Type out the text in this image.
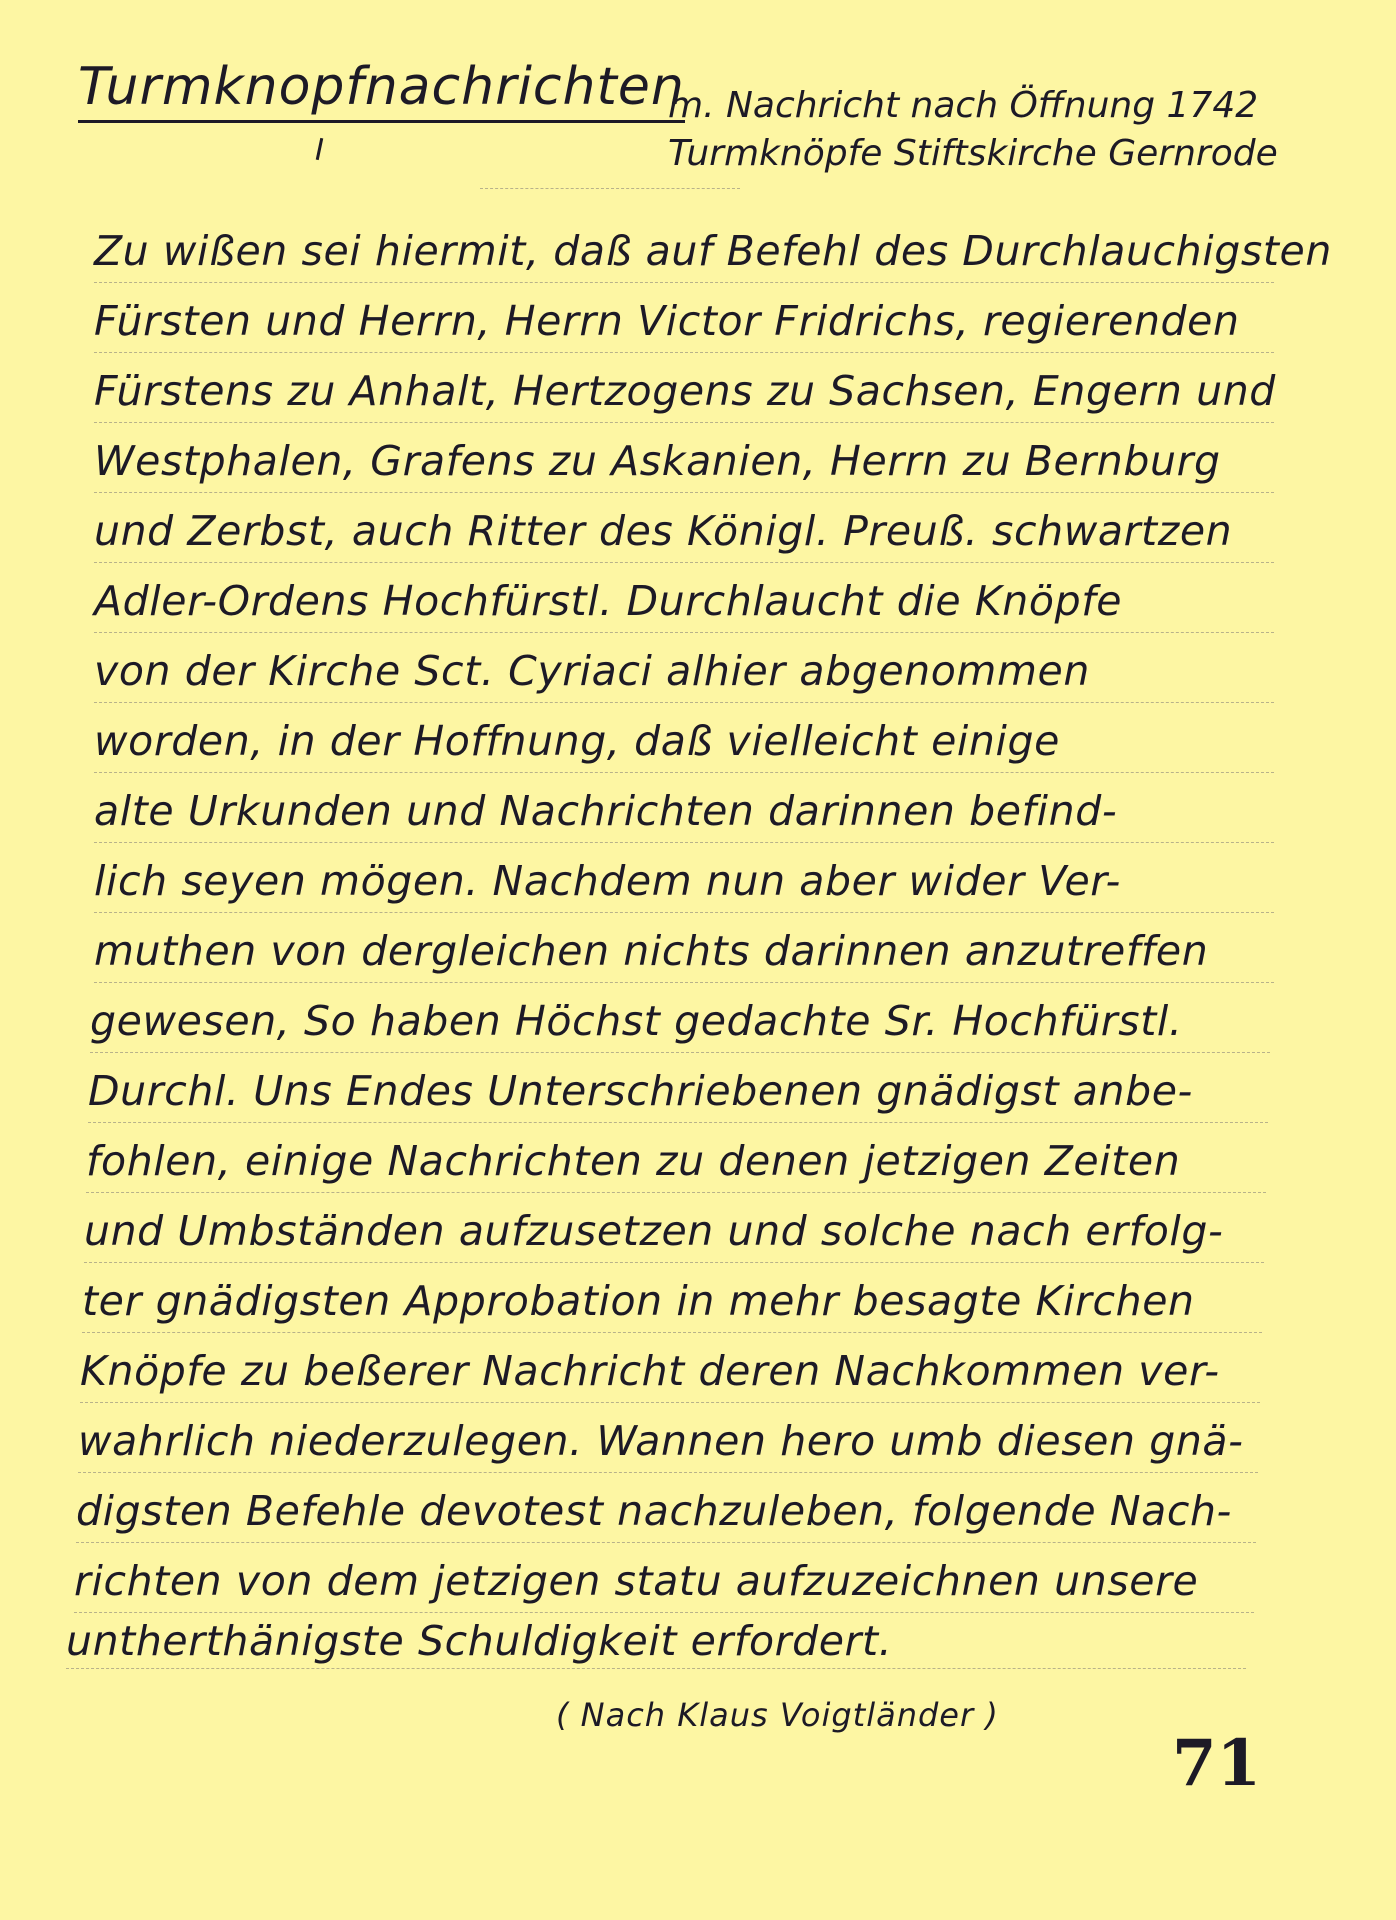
Turmknopfnachrichten
m. Nachricht nach Öffnung 1742
Turmknöpfe Stiftskirche Gernrode
Zu wißen sei hiermit, daß auf Befehl des Durchlauchigsten
Fürsten und Herrn, Herrn Victor Fridrichs, regierenden
Fürstens zu Anhalt, Hertzogens zu Sachsen, Engern und
Westphalen, Grafens zu Askanien, Herrn zu Bernburg
und Zerbst, auch Ritter des Königl. Preuß. schwartzen
Adler-Ordens Hochfürstl. Durchlaucht die Knöpfe
von der Kirche Sct. Cyriaci alhier abgenommen
worden, in der Hoffnung, daß vielleicht einige
alte Urkunden und Nachrichten darinnen befind-
lich seyen mögen. Nachdem nun aber wider Ver-
muthen von dergleichen nichts darinnen anzutreffen
gewesen, So haben Höchst gedachte Sr. Hochfürstl.
Durchl. Uns Endes Unterschriebenen gnädigst anbe-
fohlen, einige Nachrichten zu denen jetzigen Zeiten
und Umbständen aufzusetzen und solche nach erfolg-
ter gnädigsten Approbation in mehr besagte Kirchen
Knöpfe zu beßerer Nachricht deren Nachkommen ver-
wahrlich niederzulegen. Wannen hero umb diesen gnä-
digsten Befehle devotest nachzuleben, folgende Nach-
richten von dem jetzigen statu aufzuzeichnen unsere
untherthänigste Schuldigkeit erfordert.
( Nach Klaus Voigtländer )
71
